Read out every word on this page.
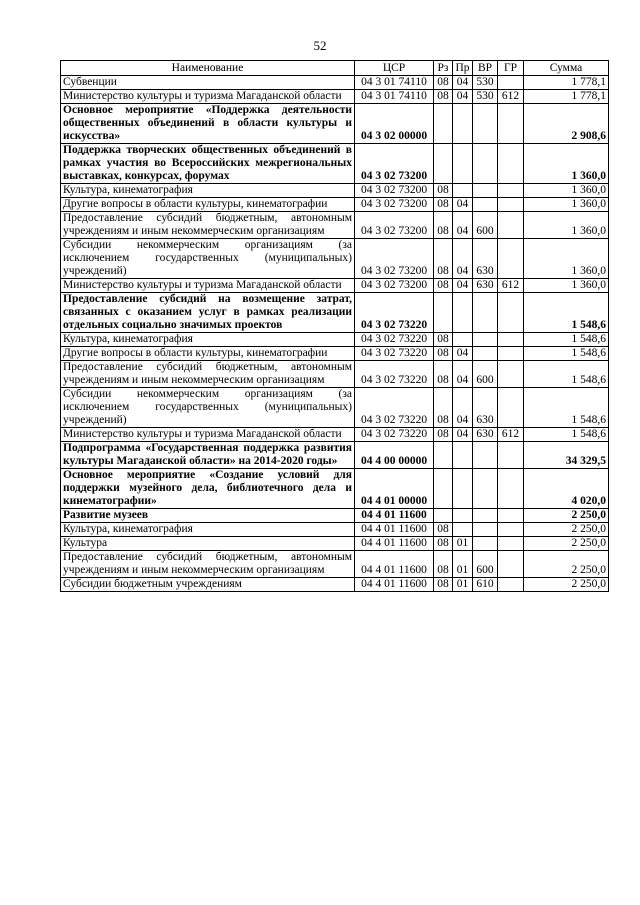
52
Наименование	ЦСР	Рз	Пр	ВР	ГР	Сумма
Субвенции	04 3 01 74110	08	04	530		1 778,1
Министерство культуры и туризма Магаданской области	04 3 01 74110	08	04	530	612	1 778,1
Основное мероприятие «Поддержка деятельности общественных объединений в области культуры и искусства»	04 3 02 00000					2 908,6
Поддержка творческих общественных объединений в рамках участия во Всероссийских межрегиональных выставках, конкурсах, форумах	04 3 02 73200					1 360,0
Культура, кинематография	04 3 02 73200	08				1 360,0
Другие вопросы в области культуры, кинематографии	04 3 02 73200	08	04			1 360,0
Предоставление субсидий бюджетным, автономным учреждениям и иным некоммерческим организациям	04 3 02 73200	08	04	600		1 360,0
Субсидии некоммерческим организациям (за исключением государственных (муниципальных) учреждений)	04 3 02 73200	08	04	630		1 360,0
Министерство культуры и туризма Магаданской области	04 3 02 73200	08	04	630	612	1 360,0
Предоставление субсидий на возмещение затрат, связанных с оказанием услуг в рамках реализации отдельных социально значимых проектов	04 3 02 73220					1 548,6
Культура, кинематография	04 3 02 73220	08				1 548,6
Другие вопросы в области культуры, кинематографии	04 3 02 73220	08	04			1 548,6
Предоставление субсидий бюджетным, автономным учреждениям и иным некоммерческим организациям	04 3 02 73220	08	04	600		1 548,6
Субсидии некоммерческим организациям (за исключением государственных (муниципальных) учреждений)	04 3 02 73220	08	04	630		1 548,6
Министерство культуры и туризма Магаданской области	04 3 02 73220	08	04	630	612	1 548,6
Подпрограмма «Государственная поддержка развития культуры Магаданской области» на 2014-2020 годы»	04 4 00 00000					34 329,5
Основное мероприятие «Создание условий для поддержки музейного дела, библиотечного дела и кинематографии»	04 4 01 00000					4 020,0
Развитие музеев	04 4 01 11600					2 250,0
Культура, кинематография	04 4 01 11600	08				2 250,0
Культура	04 4 01 11600	08	01			2 250,0
Предоставление субсидий бюджетным, автономным учреждениям и иным некоммерческим организациям	04 4 01 11600	08	01	600		2 250,0
Субсидии бюджетным учреждениям	04 4 01 11600	08	01	610		2 250,0
